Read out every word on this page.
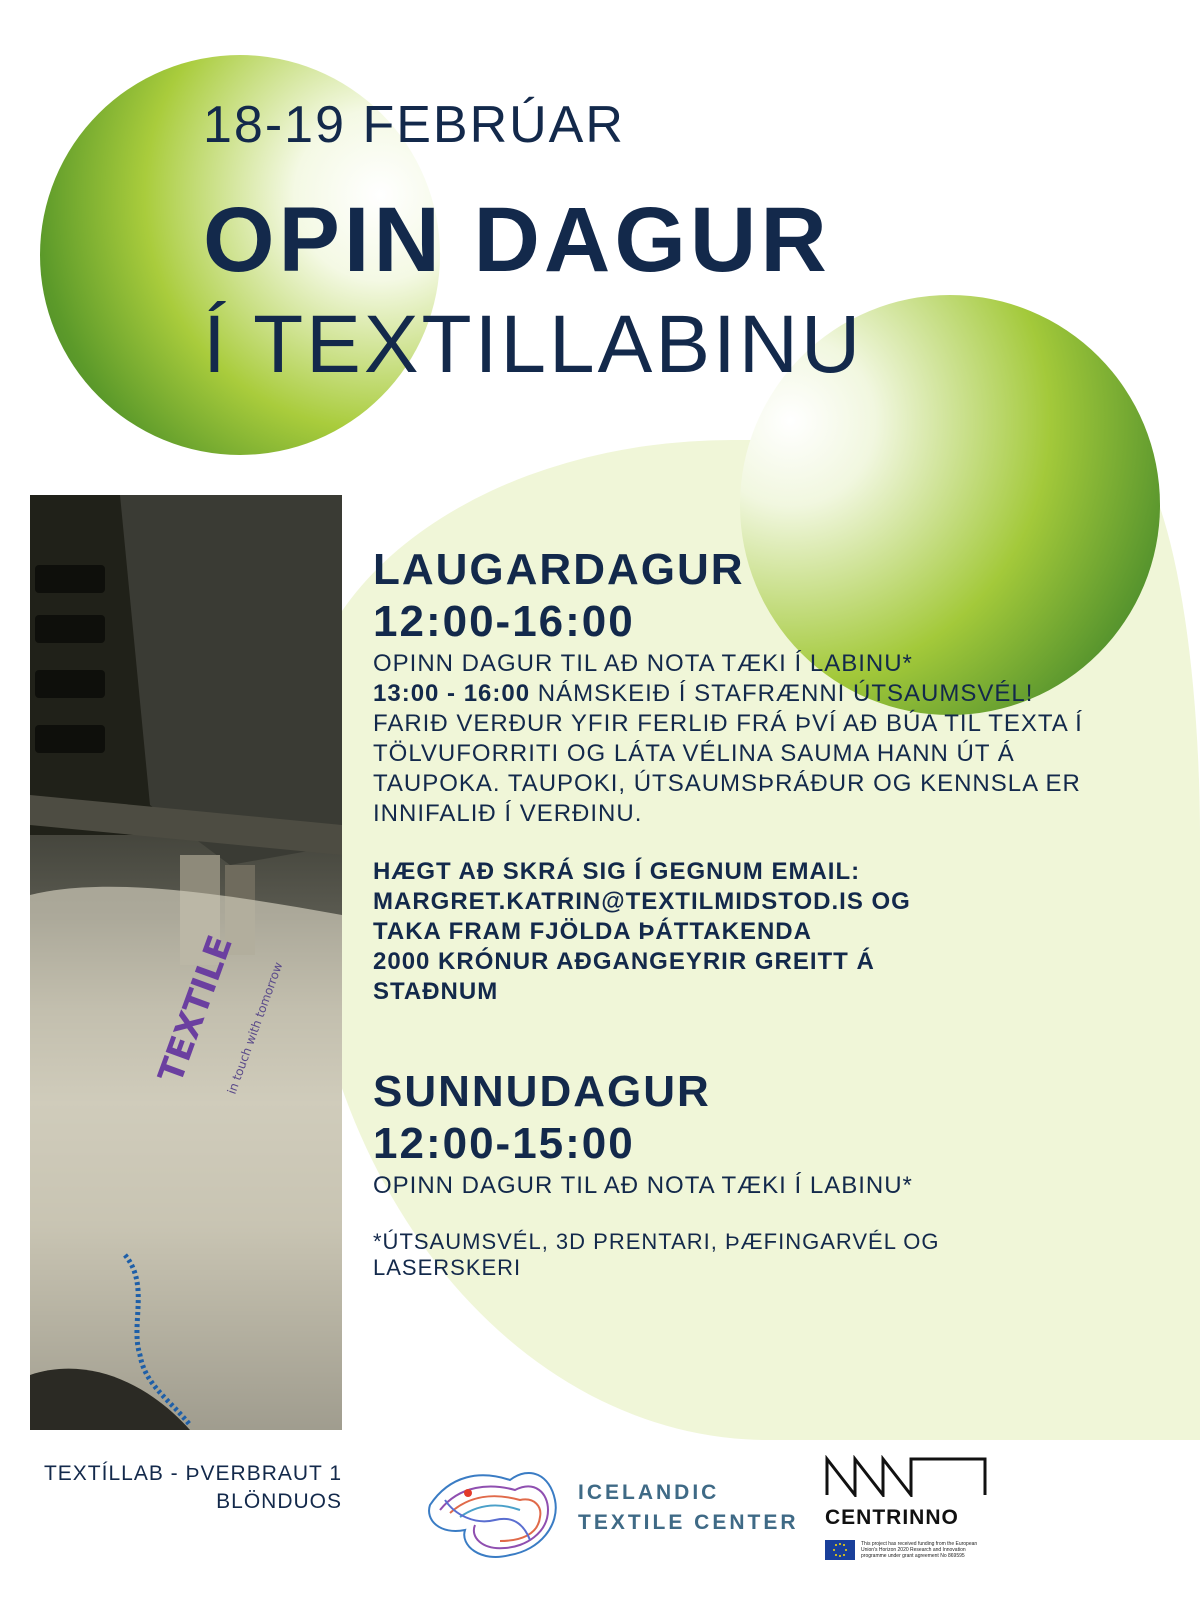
18-19 FEBRÚAR
OPIN DAGUR
Í TEXTILLABINU
TEXTILE
in touch with tomorrow
LAUGARDAGUR
12:00-16:00
OPINN DAGUR TIL AÐ NOTA TÆKI Í LABINU*
13:00 - 16:00 NÁMSKEIÐ Í STAFRÆNNI ÚTSAUMSVÉL! FARIÐ VERÐUR YFIR FERLIÐ FRÁ ÞVÍ AÐ BÚA TIL TEXTA Í TÖLVUFORRITI OG LÁTA VÉLINA SAUMA HANN ÚT Á TAUPOKA. TAUPOKI, ÚTSAUMSÞRÁÐUR OG KENNSLA ER INNIFALIÐ Í VERÐINU.
HÆGT AÐ SKRÁ SIG Í GEGNUM EMAIL:
MARGRET.KATRIN@TEXTILMIDSTOD.IS OG
TAKA FRAM FJÖLDA ÞÁTTAKENDA
2000 KRÓNUR AÐGANGEYRIR GREITT Á
STAÐNUM
SUNNUDAGUR
12:00-15:00
OPINN DAGUR TIL AÐ NOTA TÆKI Í LABINU*
*ÚTSAUMSVÉL, 3D PRENTARI, ÞÆFINGARVÉL OG LASERSKERI
TEXTÍLLAB - ÞVERBRAUT 1
BLÖNDUOS	ICELANDIC
TEXTILE CENTER CENTRINNO
This project has received funding from the European Union's Horizon 2020 Research and Innovation programme under grant agreement No 869595
